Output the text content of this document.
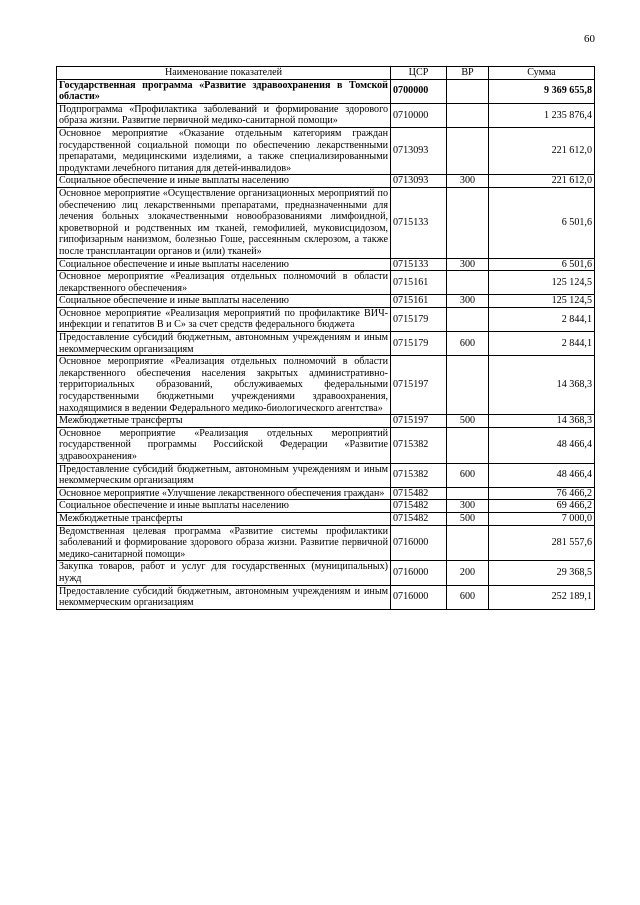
60
Наименование показателей	ЦСР	ВР	Сумма
Государственная программа «Развитие здравоохранения в Томской области»	0700000		9 369 655,8
Подпрограмма «Профилактика заболеваний и формирование здорового образа жизни. Развитие первичной медико-санитарной помощи»	0710000		1 235 876,4
Основное мероприятие «Оказание отдельным категориям граждан государственной социальной помощи по обеспечению лекарственными препаратами, медицинскими изделиями, а также специализированными продуктами лечебного питания для детей-инвалидов»	0713093		221 612,0
Социальное обеспечение и иные выплаты населению	0713093	300	221 612,0
Основное мероприятие «Осуществление организационных мероприятий по обеспечению лиц лекарственными препаратами, предназначенными для лечения больных злокачественными новообразованиями лимфоидной, кроветворной и родственных им тканей, гемофилией, муковисцидозом, гипофизарным нанизмом, болезнью Гоше, рассеянным склерозом, а также после трансплантации органов и (или) тканей»	0715133		6 501,6
Социальное обеспечение и иные выплаты населению	0715133	300	6 501,6
Основное мероприятие «Реализация отдельных полномочий в области лекарственного обеспечения»	0715161		125 124,5
Социальное обеспечение и иные выплаты населению	0715161	300	125 124,5
Основное мероприятие «Реализация мероприятий по профилактике ВИЧ-инфекции и гепатитов B и C» за счет средств федерального бюджета	0715179		2 844,1
Предоставление субсидий бюджетным, автономным учреждениям и иным некоммерческим организациям	0715179	600	2 844,1
Основное мероприятие «Реализация отдельных полномочий в области лекарственного обеспечения населения закрытых административно-территориальных образований, обслуживаемых федеральными государственными бюджетными учреждениями здравоохранения, находящимися в ведении Федерального медико-биологического агентства»	0715197		14 368,3
Межбюджетные трансферты	0715197	500	14 368,3
Основное мероприятие «Реализация отдельных мероприятий государственной программы Российской Федерации «Развитие здравоохранения»	0715382		48 466,4
Предоставление субсидий бюджетным, автономным учреждениям и иным некоммерческим организациям	0715382	600	48 466,4
Основное мероприятие «Улучшение лекарственного обеспечения граждан»	0715482		76 466,2
Социальное обеспечение и иные выплаты населению	0715482	300	69 466,2
Межбюджетные трансферты	0715482	500	7 000,0
Ведомственная целевая программа «Развитие системы профилактики заболеваний и формирование здорового образа жизни. Развитие первичной медико-санитарной помощи»	0716000		281 557,6
Закупка товаров, работ и услуг для государственных (муниципальных) нужд	0716000	200	29 368,5
Предоставление субсидий бюджетным, автономным учреждениям и иным некоммерческим организациям	0716000	600	252 189,1
